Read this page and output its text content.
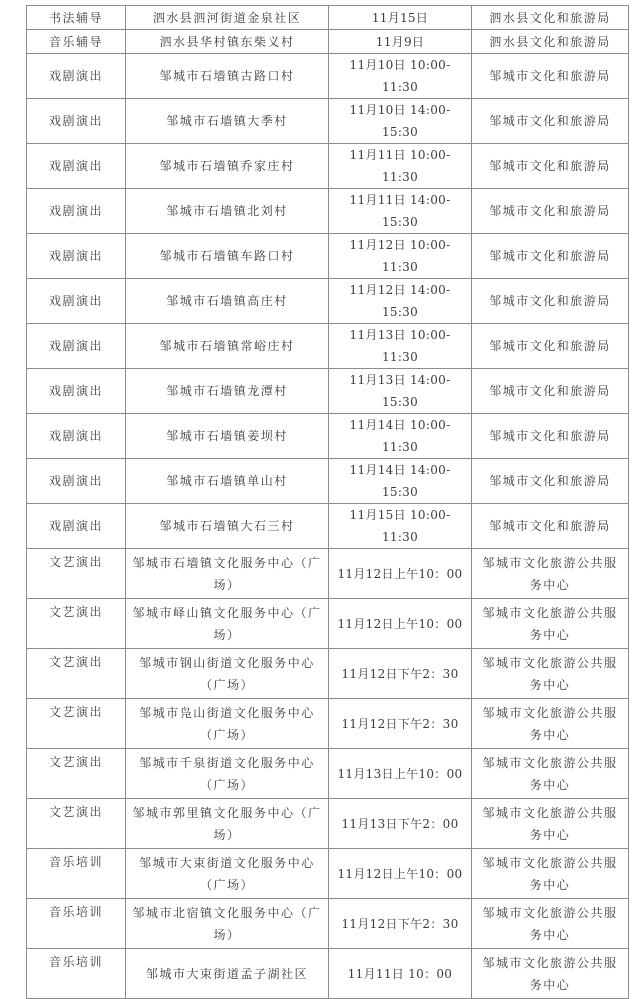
书法辅导	泗水县泗河街道金泉社区	11月15日	泗水县文化和旅游局
音乐辅导	泗水县华村镇东柴义村	11月9日	泗水县文化和旅游局
戏剧演出	邹城市石墙镇古路口村	11月10日 10:00-11:30	邹城市文化和旅游局
戏剧演出	邹城市石墙镇大季村	11月10日 14:00-15:30	邹城市文化和旅游局
戏剧演出	邹城市石墙镇乔家庄村	11月11日 10:00-11:30	邹城市文化和旅游局
戏剧演出	邹城市石墙镇北刘村	11月11日 14:00-15:30	邹城市文化和旅游局
戏剧演出	邹城市石墙镇车路口村	11月12日 10:00-11:30	邹城市文化和旅游局
戏剧演出	邹城市石墙镇高庄村	11月12日 14:00-15:30	邹城市文化和旅游局
戏剧演出	邹城市石墙镇常峪庄村	11月13日 10:00-11:30	邹城市文化和旅游局
戏剧演出	邹城市石墙镇龙潭村	11月13日 14:00-15:30	邹城市文化和旅游局
戏剧演出	邹城市石墙镇姜坝村	11月14日 10:00-11:30	邹城市文化和旅游局
戏剧演出	邹城市石墙镇单山村	11月14日 14:00-15:30	邹城市文化和旅游局
戏剧演出	邹城市石墙镇大石三村	11月15日 10:00-11:30	邹城市文化和旅游局
文艺演出	邹城市石墙镇文化服务中心（广场）	11月12日上午10：00	邹城市文化旅游公共服务中心
文艺演出	邹城市峄山镇文化服务中心（广场）	11月12日上午10：00	邹城市文化旅游公共服务中心
文艺演出	邹城市钢山街道文化服务中心（广场）	11月12日下午2：30	邹城市文化旅游公共服务中心
文艺演出	邹城市凫山街道文化服务中心（广场）	11月12日下午2：30	邹城市文化旅游公共服务中心
文艺演出	邹城市千泉街道文化服务中心（广场）	11月13日上午10：00	邹城市文化旅游公共服务中心
文艺演出	邹城市郭里镇文化服务中心（广场）	11月13日下午2：00	邹城市文化旅游公共服务中心
音乐培训	邹城市大束街道文化服务中心（广场）	11月12日上午10：00	邹城市文化旅游公共服务中心
音乐培训	邹城市北宿镇文化服务中心（广场）	11月12日下午2：30	邹城市文化旅游公共服务中心
音乐培训	邹城市大束街道孟子湖社区	11月11日 10：00	邹城市文化旅游公共服务中心
